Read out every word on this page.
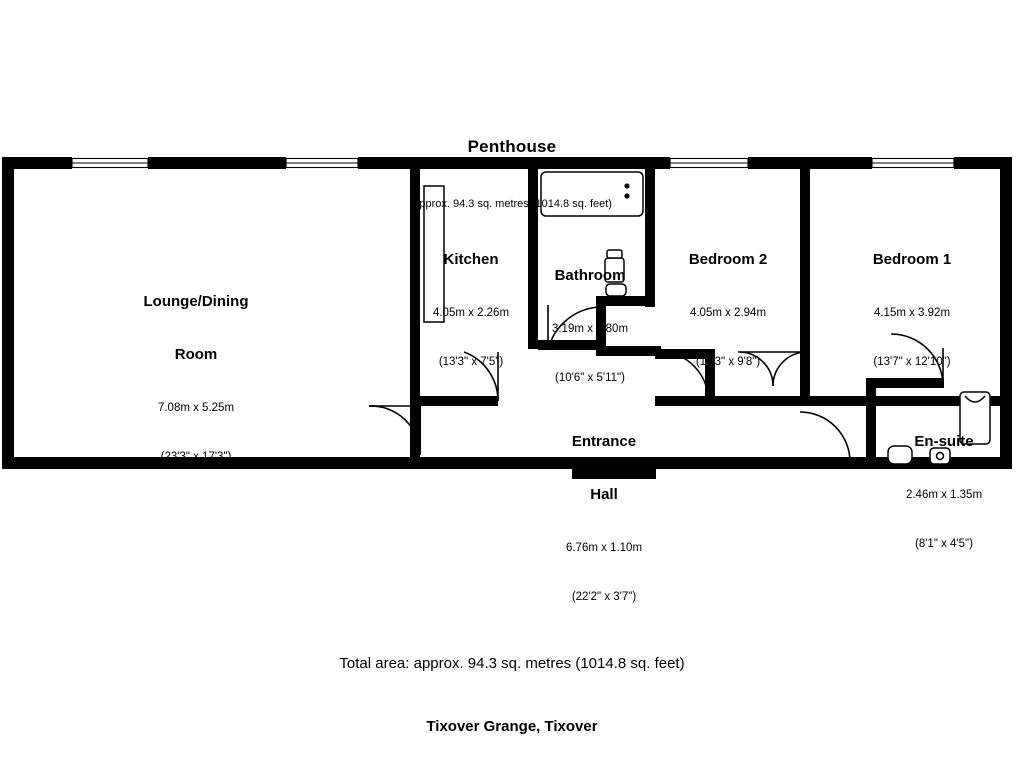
Penthouse

Approx. 94.3 sq. metres (1014.8 sq. feet)

Lounge/Dining

Room

7.08m x 5.25m

(23'3" x 17'3")

Kitchen

4.05m x 2.26m

(13'3" x 7'5")

Bathroom

3.19m x 1.80m

(10'6" x 5'11")

Bedroom 2

4.05m x 2.94m

(13'3" x 9'8")

Bedroom 1

4.15m x 3.92m

(13'7" x 12'10")

Entrance

Hall

6.76m x 1.10m

(22'2" x 3'7")

En-suite

2.46m x 1.35m

(8'1" x 4'5")

Total area: approx. 94.3 sq. metres (1014.8 sq. feet)

Tixover Grange, Tixover
